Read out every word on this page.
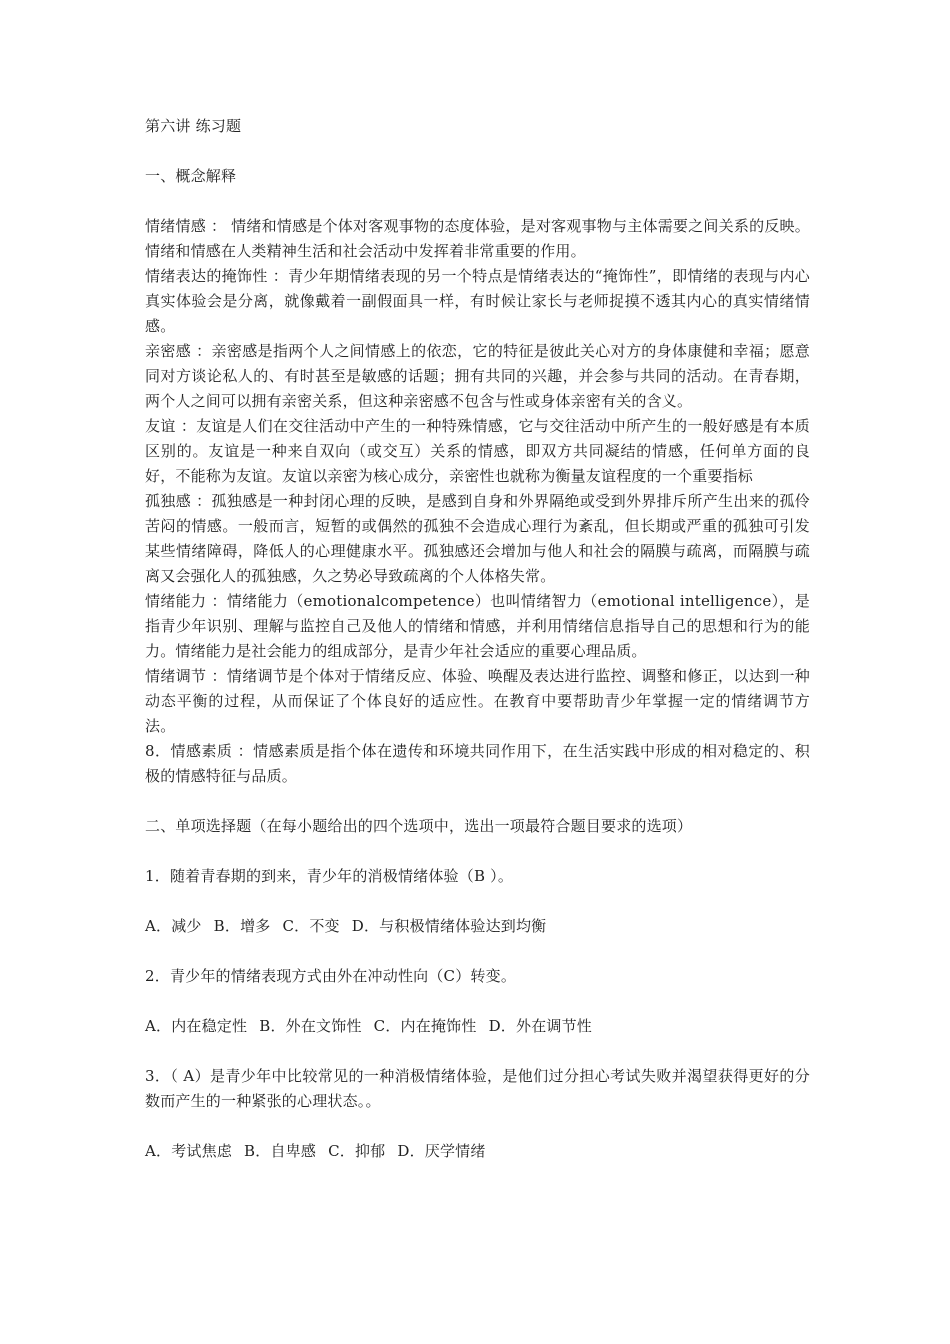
第六讲 练习题

一、概念解释

情绪情感 ： 情绪和情感是个体对客观事物的态度体验，是对客观事物与主体需要之间关系的反映。情绪和情感在人类精神生活和社会活动中发挥着非常重要的作用。

情绪表达的掩饰性 ：青少年期情绪表现的另一个特点是情绪表达的“掩饰性”，即情绪的表现与内心真实体验会是分离，就像戴着一副假面具一样，有时候让家长与老师捉摸不透其内心的真实情绪情感。

亲密感 ：亲密感是指两个人之间情感上的依恋，它的特征是彼此关心对方的身体康健和幸福；愿意同对方谈论私人的、有时甚至是敏感的话题；拥有共同的兴趣，并会参与共同的活动。在青春期，两个人之间可以拥有亲密关系，但这种亲密感不包含与性或身体亲密有关的含义。

友谊 ：友谊是人们在交往活动中产生的一种特殊情感，它与交往活动中所产生的一般好感是有本质区别的。友谊是一种来自双向（或交互）关系的情感，即双方共同凝结的情感，任何单方面的良好，不能称为友谊。友谊以亲密为核心成分，亲密性也就称为衡量友谊程度的一个重要指标

孤独感 ：孤独感是一种封闭心理的反映，是感到自身和外界隔绝或受到外界排斥所产生出来的孤伶苦闷的情感。一般而言，短暂的或偶然的孤独不会造成心理行为紊乱，但长期或严重的孤独可引发某些情绪障碍，降低人的心理健康水平。孤独感还会增加与他人和社会的隔膜与疏离，而隔膜与疏离又会强化人的孤独感，久之势必导致疏离的个人体格失常。

情绪能力 ：情绪能力（emotionalcompetence）也叫情绪智力（emotional intelligence），是指青少年识别、理解与监控自己及他人的情绪和情感，并利用情绪信息指导自己的思想和行为的能力。情绪能力是社会能力的组成部分，是青少年社会适应的重要心理品质。

情绪调节 ：情绪调节是个体对于情绪反应、体验、唤醒及表达进行监控、调整和修正，以达到一种动态平衡的过程，从而保证了个体良好的适应性。在教育中要帮助青少年掌握一定的情绪调节方法。

8．情感素质 ：情感素质是指个体在遗传和环境共同作用下，在生活实践中形成的相对稳定的、积极的情感特征与品质。

二、单项选择题（在每小题给出的四个选项中，选出一项最符合题目要求的选项）

1．随着青春期的到来，青少年的消极情绪体验（B ）。

A．减少 B．增多 C．不变 D．与积极情绪体验达到均衡

2．青少年的情绪表现方式由外在冲动性向（C）转变。

A．内在稳定性 B．外在文饰性 C．内在掩饰性 D．外在调节性

3．（ A）是青少年中比较常见的一种消极情绪体验，是他们过分担心考试失败并渴望获得更好的分数而产生的一种紧张的心理状态。。

A．考试焦虑 B．自卑感 C．抑郁 D．厌学情绪
